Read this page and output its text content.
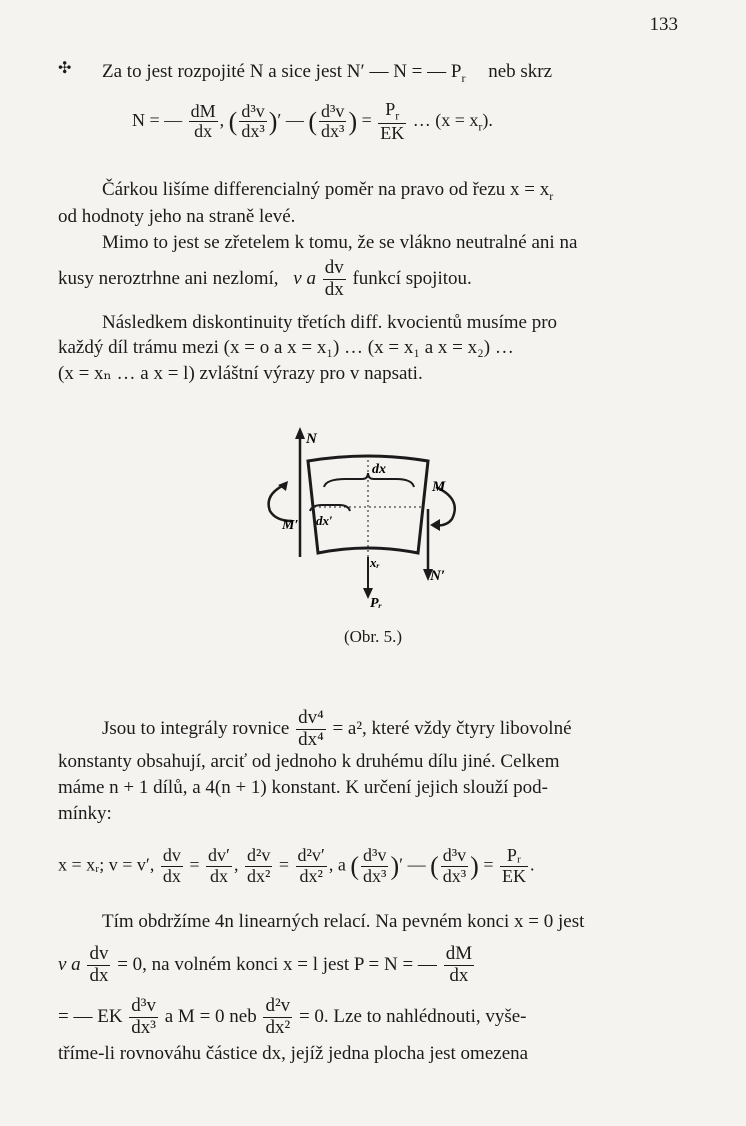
133
✣ Za to jest rozpojité N a sice jest N′ — N = — $P_r$ neb skrz
N = — $\frac{dM}{dx}$ , ( $\frac{\text{d³v}}{\text{dx³}}$ )′ — ( $\frac{\text{d³v}}{\text{dx³}}$ ) = $\frac{P_r}{EK}$ … $(x = x_r)$.
Čárkou lišíme differencialný poměr na pravo od řezu $x = x_r$
od hodnoty jeho na straně levé.
Mimo to jest se zřetelem k tomu, že se vlákno neutralné ani na
kusy neroztrhne ani nezlomí, v a $\frac{dv}{dx}$ funkcí spojitou.
Následkem diskontinuity třetích diff. kvocientů musíme pro
každý díl trámu mezi (x = o a x = x₁) … (x = x₁ a x = x₂) …
(x = xₙ … a x = l) zvláštní výrazy pro v napsati.
N
M
M′
N′
dx
dx′
xᵣ
Pᵣ
(Obr. 5.)
Jsou to integrály rovnice $\frac{\text{dv⁴}}{\text{dx⁴}} = a^2$, které vždy čtyry libovolné
konstanty obsahují, arciť od jednoho k druhému dílu jiné. Celkem
máme n + 1 dílů, a 4(n + 1) konstant. K určení jejich slouží pod-
mínky:
x = xᵣ; v = v′, $\frac{dv}{dx} = \frac{dv'}{dx}$ , $\frac{\text{d²v}}{\text{dx²}} = \frac{\text{d²v′}}{\text{dx²}}$ , a ( $\frac{\text{d³v}}{\text{dx³}}$ )′ — ( $\frac{\text{d³v}}{\text{dx³}}$ ) = $\frac{\text{Pᵣ}}{EK}$ .
Tím obdržíme 4n linearných relací. Na pevném konci x = 0 jest
v a $\frac{dv}{dx} = 0$, na volném konci x = l jest P = N = — $\frac{dM}{dx}$
= — EK $\frac{\text{d³v}}{\text{dx³}}$ a M = 0 neb $\frac{\text{d²v}}{\text{dx²}} = 0$. Lze to nahlédnouti, vyše-
tříme-li rovnováhu částice dx, jejíž jedna plocha jest omezena
